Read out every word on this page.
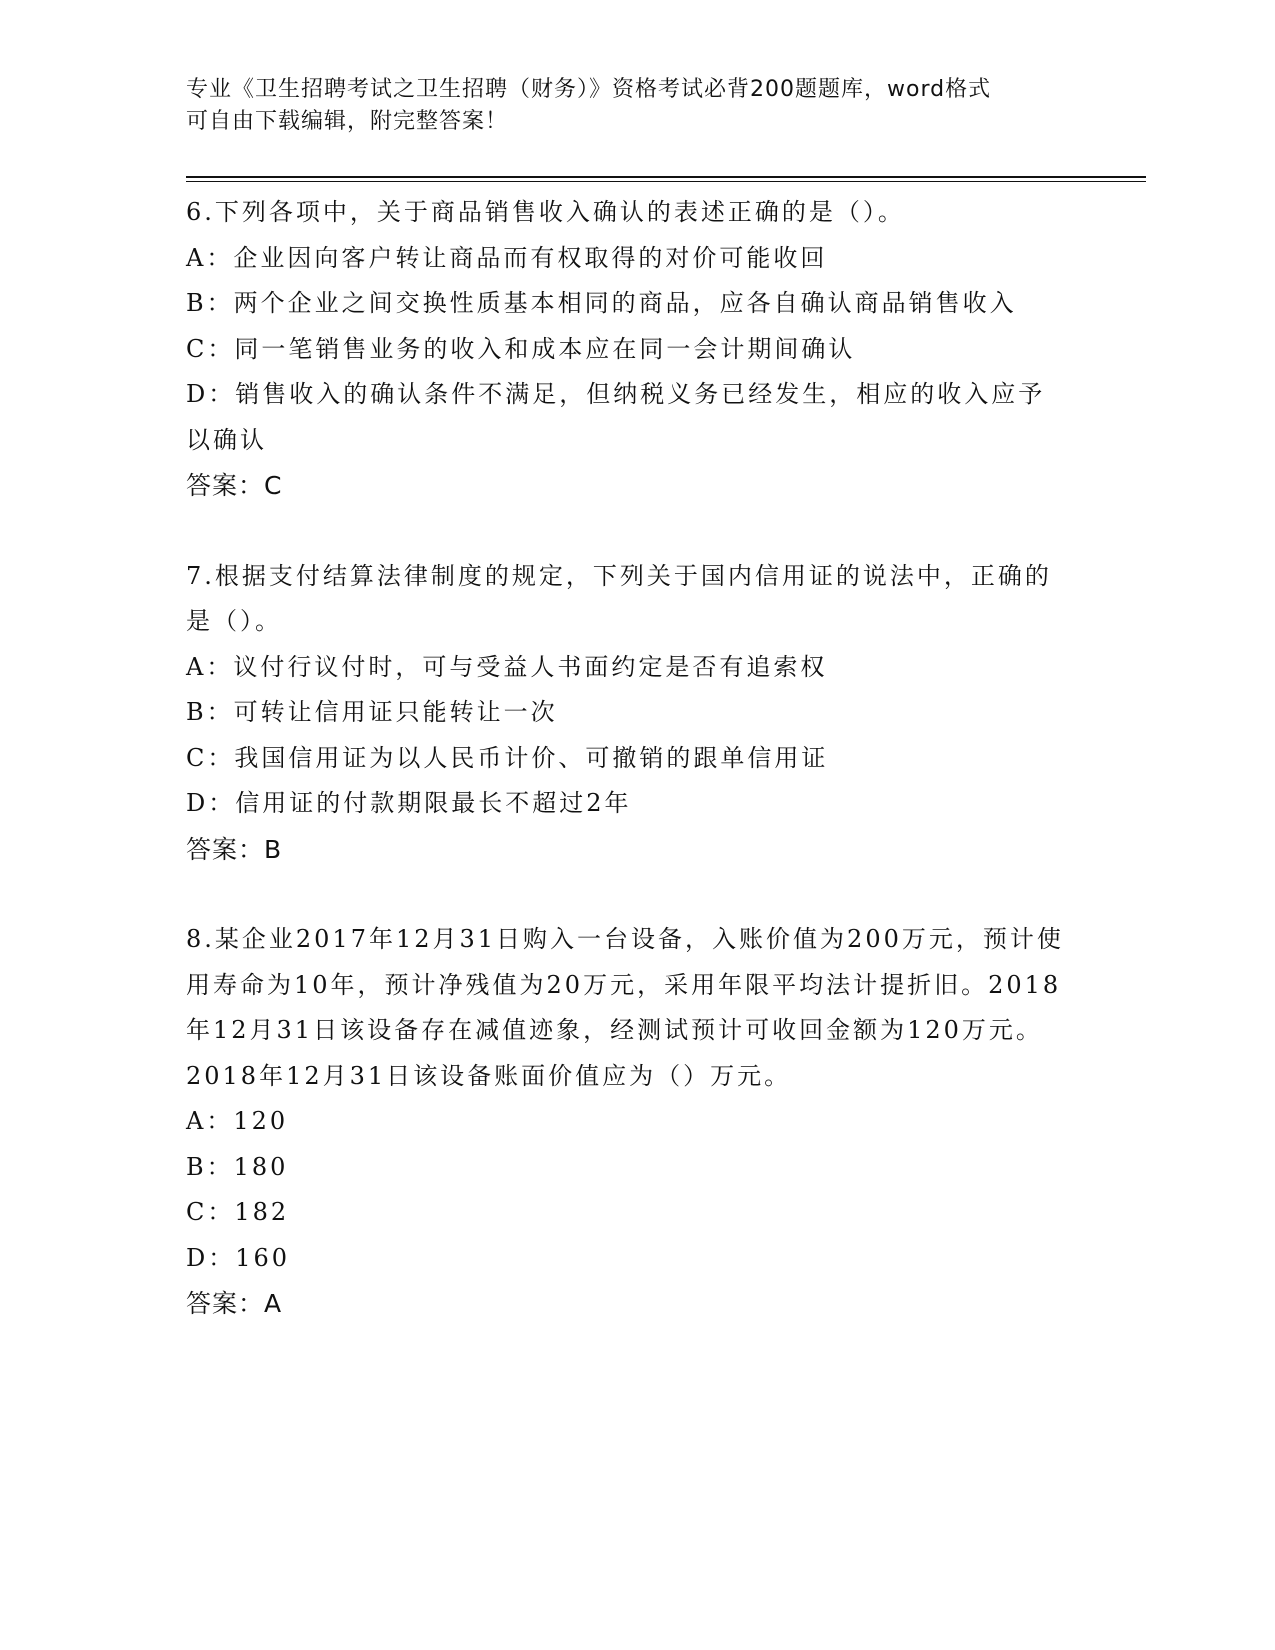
专业《卫生招聘考试之卫生招聘（财务）》资格考试必背200题题库，word格式
可自由下载编辑，附完整答案！

6.下列各项中，关于商品销售收入确认的表述正确的是（）。

A：企业因向客户转让商品而有权取得的对价可能收回

B：两个企业之间交换性质基本相同的商品，应各自确认商品销售收入

C：同一笔销售业务的收入和成本应在同一会计期间确认

D：销售收入的确认条件不满足，但纳税义务已经发生，相应的收入应予以确认

答案：C

7.根据支付结算法律制度的规定，下列关于国内信用证的说法中，正确的是（）。

A：议付行议付时，可与受益人书面约定是否有追索权

B：可转让信用证只能转让一次

C：我国信用证为以人民币计价、可撤销的跟单信用证

D：信用证的付款期限最长不超过2年

答案：B

8.某企业2017年12月31日购入一台设备，入账价值为200万元，预计使用寿命为10年，预计净残值为20万元，采用年限平均法计提折旧。2018年12月31日该设备存在减值迹象，经测试预计可收回金额为120万元。2018年12月31日该设备账面价值应为（）万元。

A：120

B：180

C：182

D：160

答案：A
